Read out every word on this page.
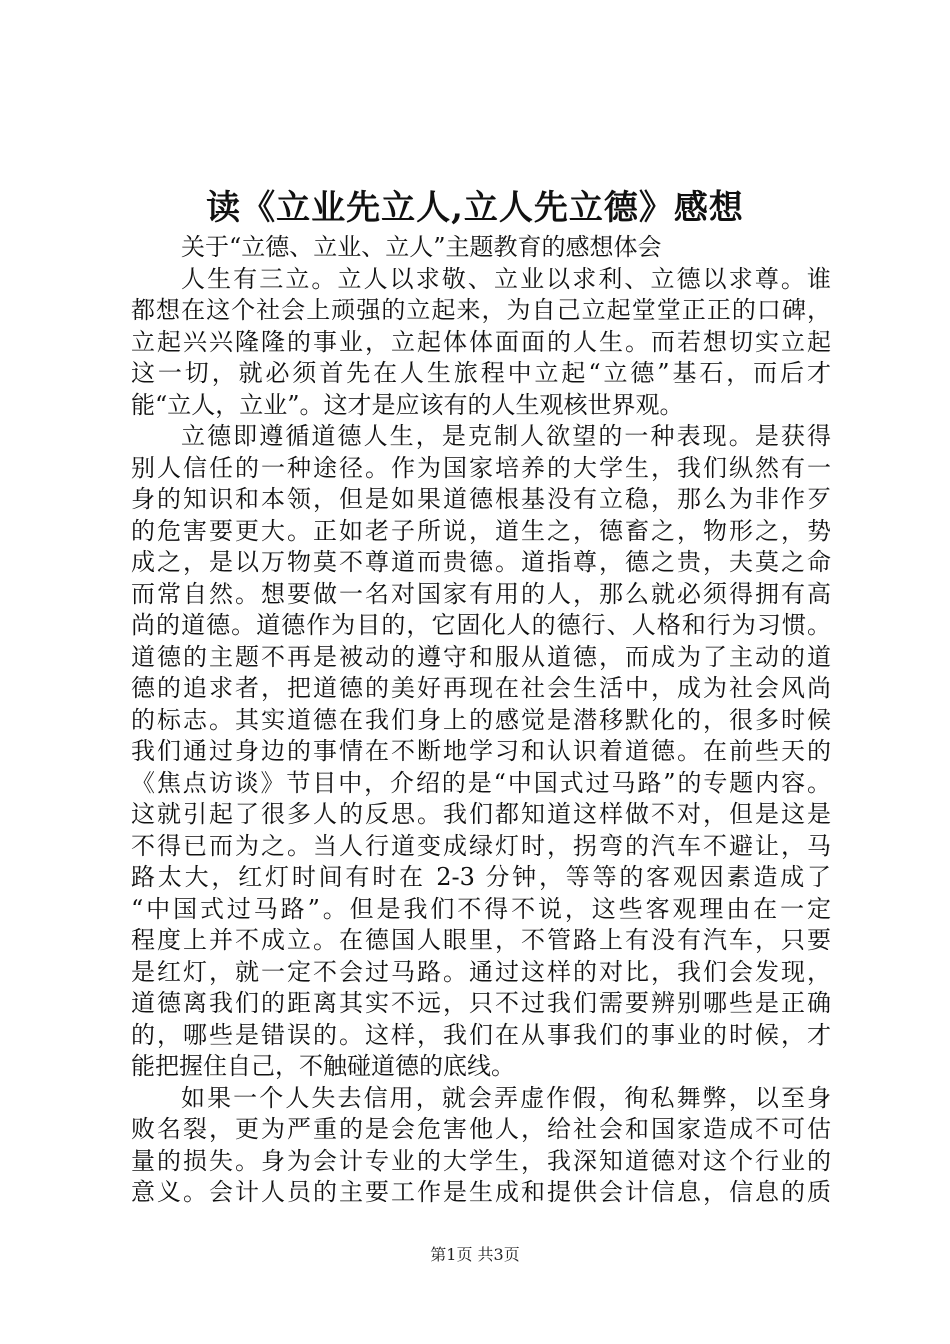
读《立业先立人,立人先立德》感想
关于“立德、立业、立人”主题教育的感想体会
人生有三立。立人以求敬、立业以求利、立德以求尊。谁
都想在这个社会上顽强的立起来，为自己立起堂堂正正的口碑，
立起兴兴隆隆的事业，立起体体面面的人生。而若想切实立起
这一切，就必须首先在人生旅程中立起“立德”基石，而后才
能“立人，立业”。这才是应该有的人生观核世界观。
立德即遵循道德人生，是克制人欲望的一种表现。是获得
别人信任的一种途径。作为国家培养的大学生，我们纵然有一
身的知识和本领，但是如果道德根基没有立稳，那么为非作歹
的危害要更大。正如老子所说，道生之，德畜之，物形之，势
成之，是以万物莫不尊道而贵德。道指尊，德之贵，夫莫之命
而常自然。想要做一名对国家有用的人，那么就必须得拥有高
尚的道德。道德作为目的，它固化人的德行、人格和行为习惯。
道德的主题不再是被动的遵守和服从道德，而成为了主动的道
德的追求者，把道德的美好再现在社会生活中，成为社会风尚
的标志。其实道德在我们身上的感觉是潜移默化的，很多时候
我们通过身边的事情在不断地学习和认识着道德。在前些天的
《焦点访谈》节目中，介绍的是“中国式过马路”的专题内容。
这就引起了很多人的反思。我们都知道这样做不对，但是这是
不得已而为之。当人行道变成绿灯时，拐弯的汽车不避让，马
路太大，红灯时间有时在 2-3 分钟，等等的客观因素造成了
“中国式过马路”。但是我们不得不说，这些客观理由在一定
程度上并不成立。在德国人眼里，不管路上有没有汽车，只要
是红灯，就一定不会过马路。通过这样的对比，我们会发现，
道德离我们的距离其实不远，只不过我们需要辨别哪些是正确
的，哪些是错误的。这样，我们在从事我们的事业的时候，才
能把握住自己，不触碰道德的底线。
如果一个人失去信用，就会弄虚作假，徇私舞弊，以至身
败名裂，更为严重的是会危害他人，给社会和国家造成不可估
量的损失。身为会计专业的大学生，我深知道德对这个行业的
意义。会计人员的主要工作是生成和提供会计信息，信息的质
第1页 共3页
